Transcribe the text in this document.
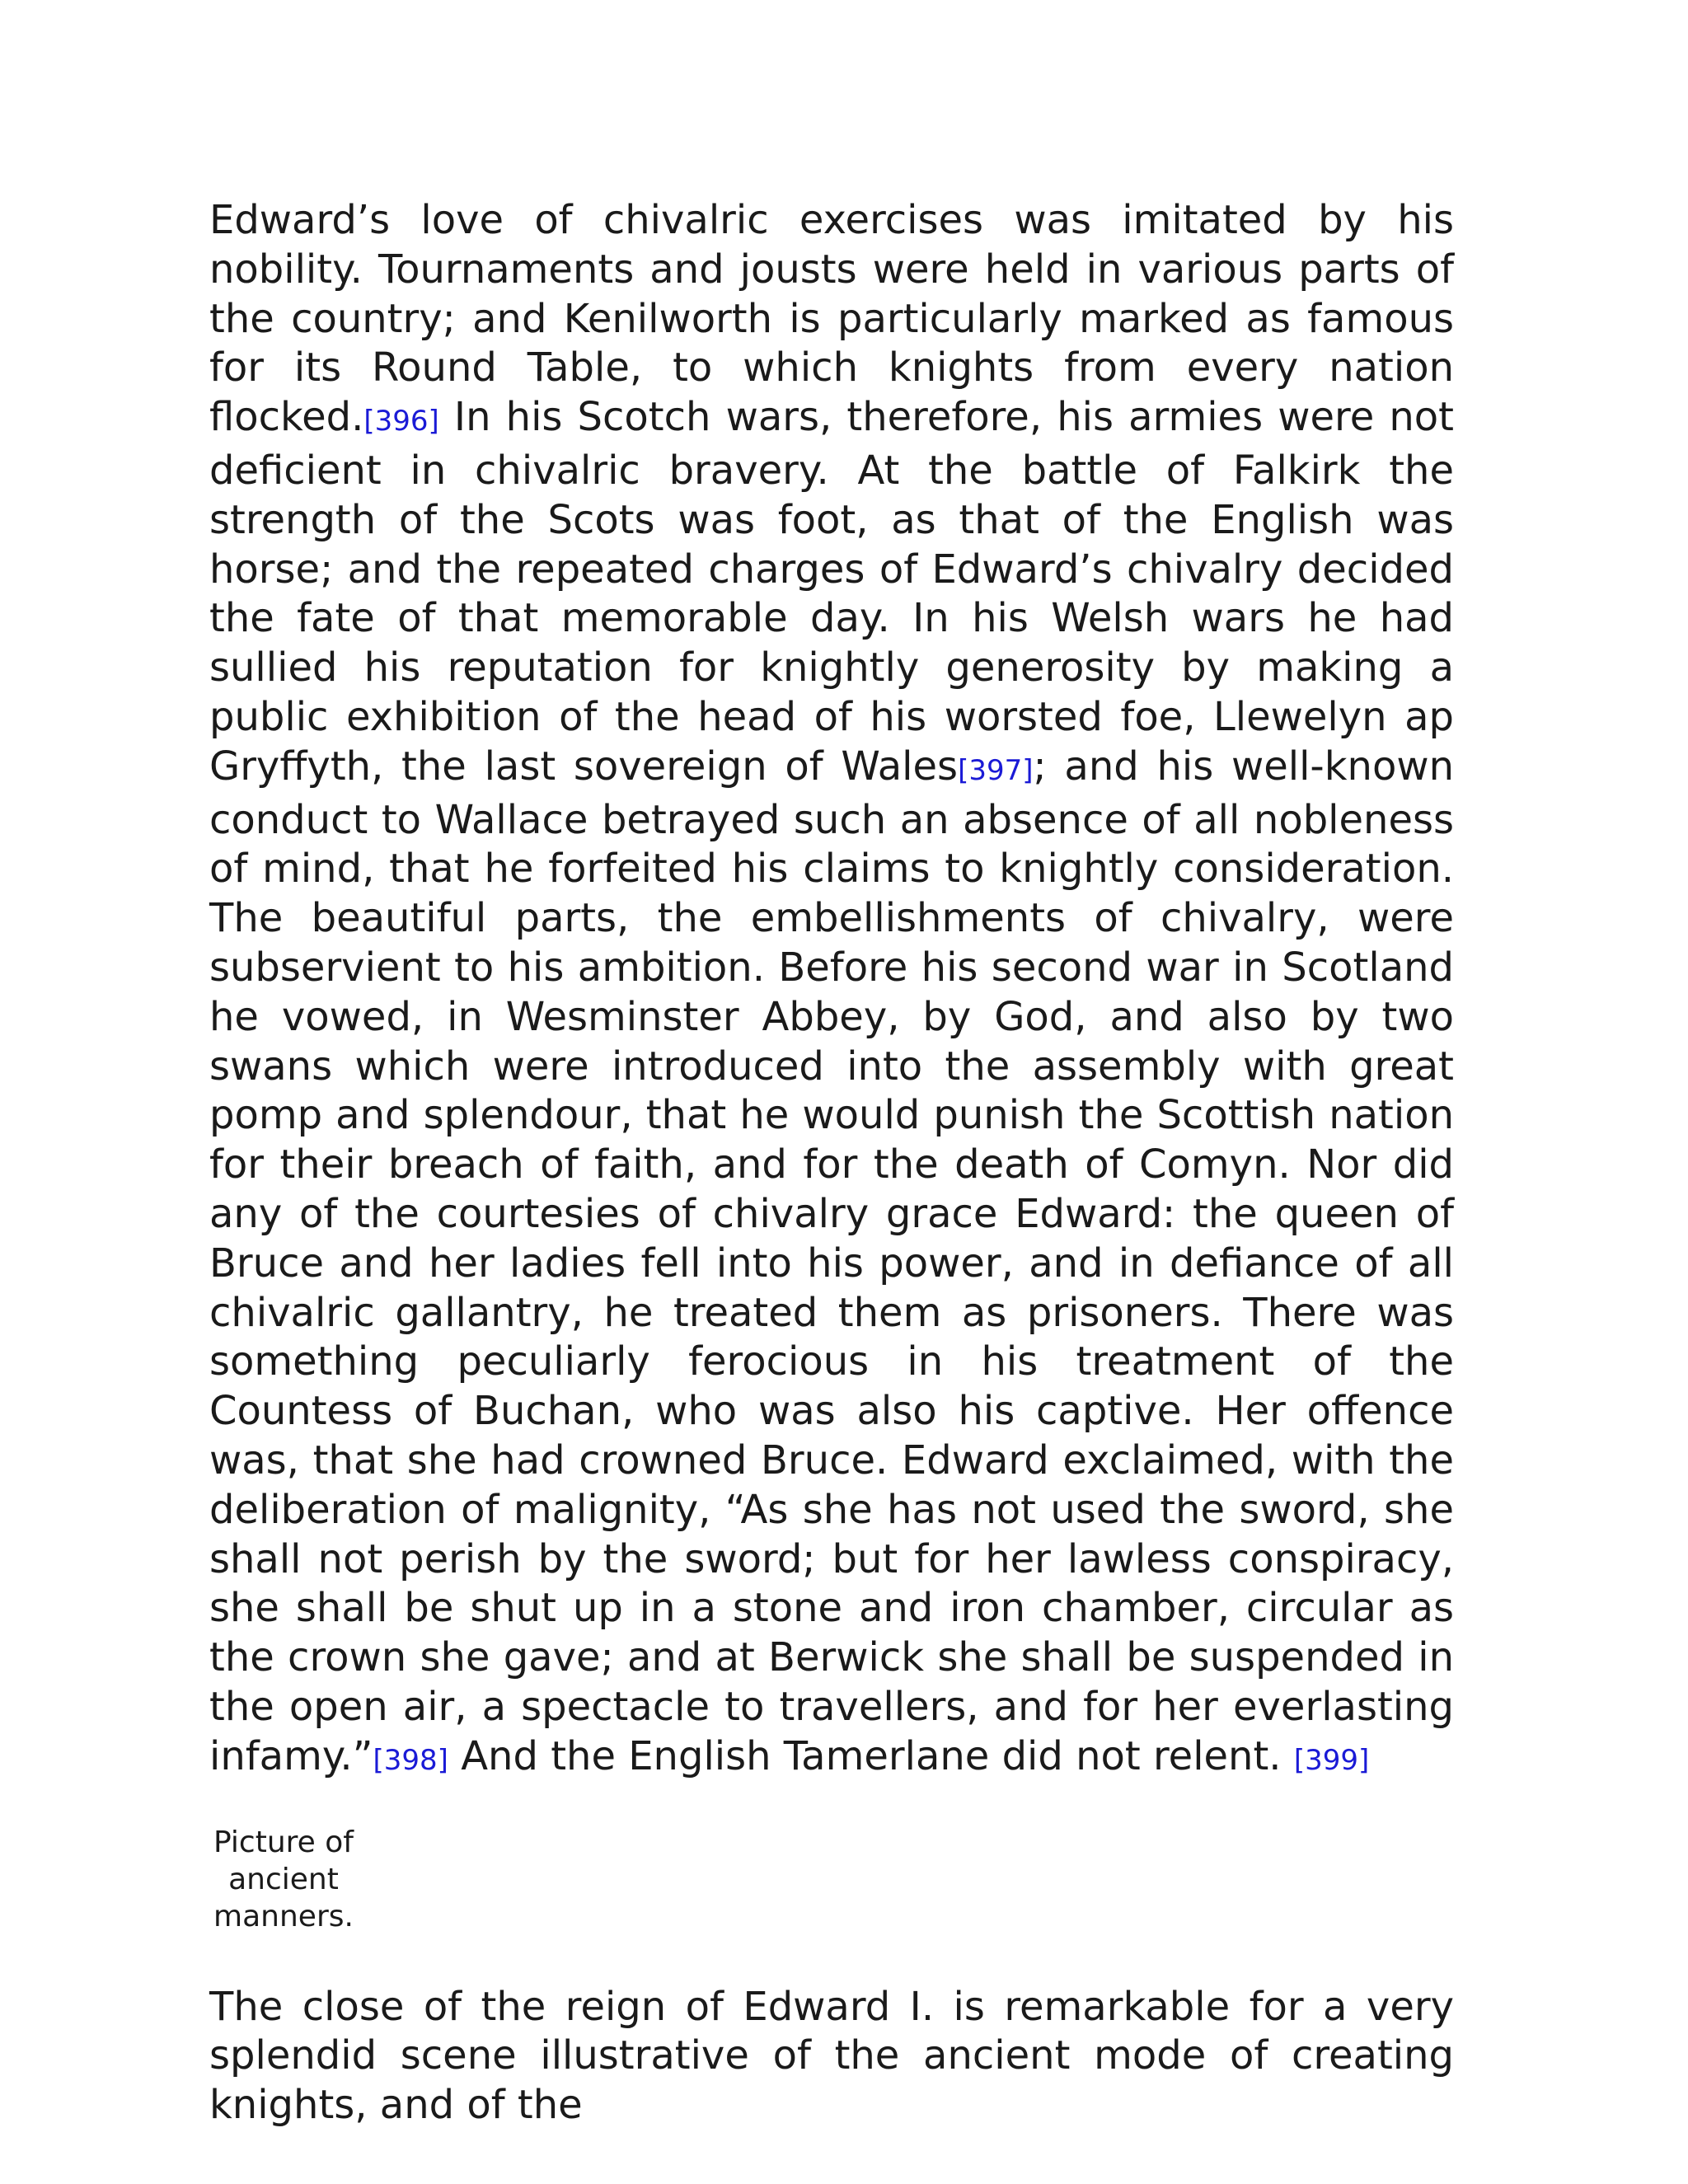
Edward’s love of chivalric exercises was imitated by his nobility. Tournaments and jousts were held in various parts of the country; and Kenilworth is particularly marked as famous for its Round Table, to which knights from every nation flocked.[396] In his Scotch wars, therefore, his armies were not deficient in chivalric bravery. At the battle of Falkirk the strength of the Scots was foot, as that of the English was horse; and the repeated charges of Edward’s chivalry decided the fate of that memorable day. In his Welsh wars he had sullied his reputation for knightly generosity by making a public exhibition of the head of his worsted foe, Llewelyn ap Gryffyth, the last sovereign of Wales[397]; and his well-known conduct to Wallace betrayed such an absence of all nobleness of mind, that he forfeited his claims to knightly consideration. The beautiful parts, the embellishments of chivalry, were subservient to his ambition. Before his second war in Scotland he vowed, in Wesminster Abbey, by God, and also by two swans which were introduced into the assembly with great pomp and splendour, that he would punish the Scottish nation for their breach of faith, and for the death of Comyn. Nor did any of the courtesies of chivalry grace Edward: the queen of Bruce and her ladies fell into his power, and in defiance of all chivalric gallantry, he treated them as prisoners. There was something peculiarly ferocious in his treatment of the Countess of Buchan, who was also his captive. Her offence was, that she had crowned Bruce. Edward exclaimed, with the deliberation of malignity, “As she has not used the sword, she shall not perish by the sword; but for her lawless conspiracy, she shall be shut up in a stone and iron chamber, circular as the crown she gave; and at Berwick she shall be suspended in the open air, a spectacle to travellers, and for her everlasting infamy.”[398] And the English Tamerlane did not relent. [399]

Picture of
ancient
manners.

The close of the reign of Edward I. is remarkable for a very splendid scene illustrative of the ancient mode of creating knights, and of the
